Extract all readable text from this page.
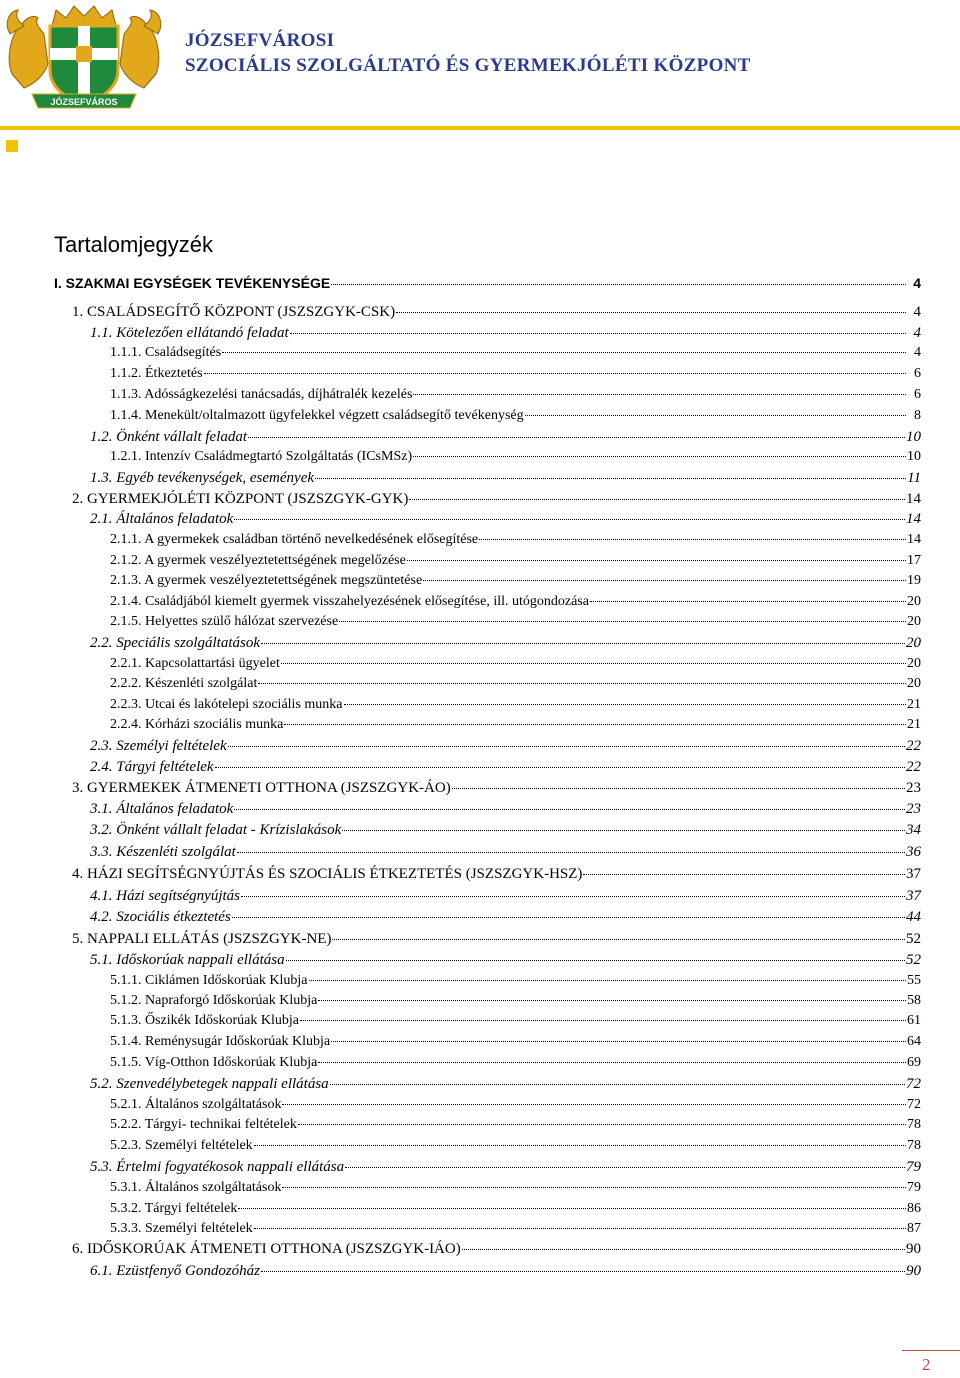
JÓZSEFVÁROS
JÓZSEFVÁROSI
SZOCIÁLIS SZOLGÁLTATÓ ÉS GYERMEKJÓLÉTI KÖZPONT
Tartalomjegyzék
I. SZAKMAI EGYSÉGEK TEVÉKENYSÉGE	4
1. CSALÁDSEGÍTŐ KÖZPONT (JSZSZGYK-CSK)	4
1.1. Kötelezően ellátandó feladat	4
1.1.1. Családsegítés	4
1.1.2. Étkeztetés	6
1.1.3. Adósságkezelési tanácsadás, díjhátralék kezelés	6
1.1.4. Menekült/oltalmazott ügyfelekkel végzett családsegítő tevékenység	8
1.2. Önként vállalt feladat	10
1.2.1. Intenzív Családmegtartó Szolgáltatás (ICsMSz)	10
1.3. Egyéb tevékenységek, események	11
2. GYERMEKJÓLÉTI KÖZPONT (JSZSZGYK-GYK)	14
2.1. Általános feladatok	14
2.1.1. A gyermekek családban történő nevelkedésének elősegítése	14
2.1.2. A gyermek veszélyeztetettségének megelőzése	17
2.1.3. A gyermek veszélyeztetettségének megszüntetése	19
2.1.4. Családjából kiemelt gyermek visszahelyezésének elősegítése, ill. utógondozása	20
2.1.5. Helyettes szülő hálózat szervezése	20
2.2. Speciális szolgáltatások	20
2.2.1. Kapcsolattartási ügyelet	20
2.2.2. Készenléti szolgálat	20
2.2.3. Utcai és lakótelepi szociális munka	21
2.2.4. Kórházi szociális munka	21
2.3. Személyi feltételek	22
2.4. Tárgyi feltételek	22
3. GYERMEKEK ÁTMENETI OTTHONA (JSZSZGYK-ÁO)	23
3.1. Általános feladatok	23
3.2. Önként vállalt feladat - Krízislakások	34
3.3. Készenléti szolgálat	36
4. HÁZI SEGÍTSÉGNYÚJTÁS ÉS SZOCIÁLIS ÉTKEZTETÉS (JSZSZGYK-HSZ)	37
4.1. Házi segítségnyújtás	37
4.2. Szociális étkeztetés	44
5. NAPPALI ELLÁTÁS (JSZSZGYK-NE)	52
5.1. Időskorúak nappali ellátása	52
5.1.1. Ciklámen Időskorúak Klubja	55
5.1.2. Napraforgó Időskorúak Klubja	58
5.1.3. Őszikék Időskorúak Klubja	61
5.1.4. Reménysugár Időskorúak Klubja	64
5.1.5. Víg-Otthon Időskorúak Klubja	69
5.2. Szenvedélybetegek nappali ellátása	72
5.2.1. Általános szolgáltatások	72
5.2.2. Tárgyi- technikai feltételek	78
5.2.3. Személyi feltételek	78
5.3. Értelmi fogyatékosok nappali ellátása	79
5.3.1. Általános szolgáltatások	79
5.3.2. Tárgyi feltételek	86
5.3.3. Személyi feltételek	87
6. IDŐSKORÚAK ÁTMENETI OTTHONA (JSZSZGYK-IÁO)	90
6.1. Ezüstfenyő Gondozóház	90
2
